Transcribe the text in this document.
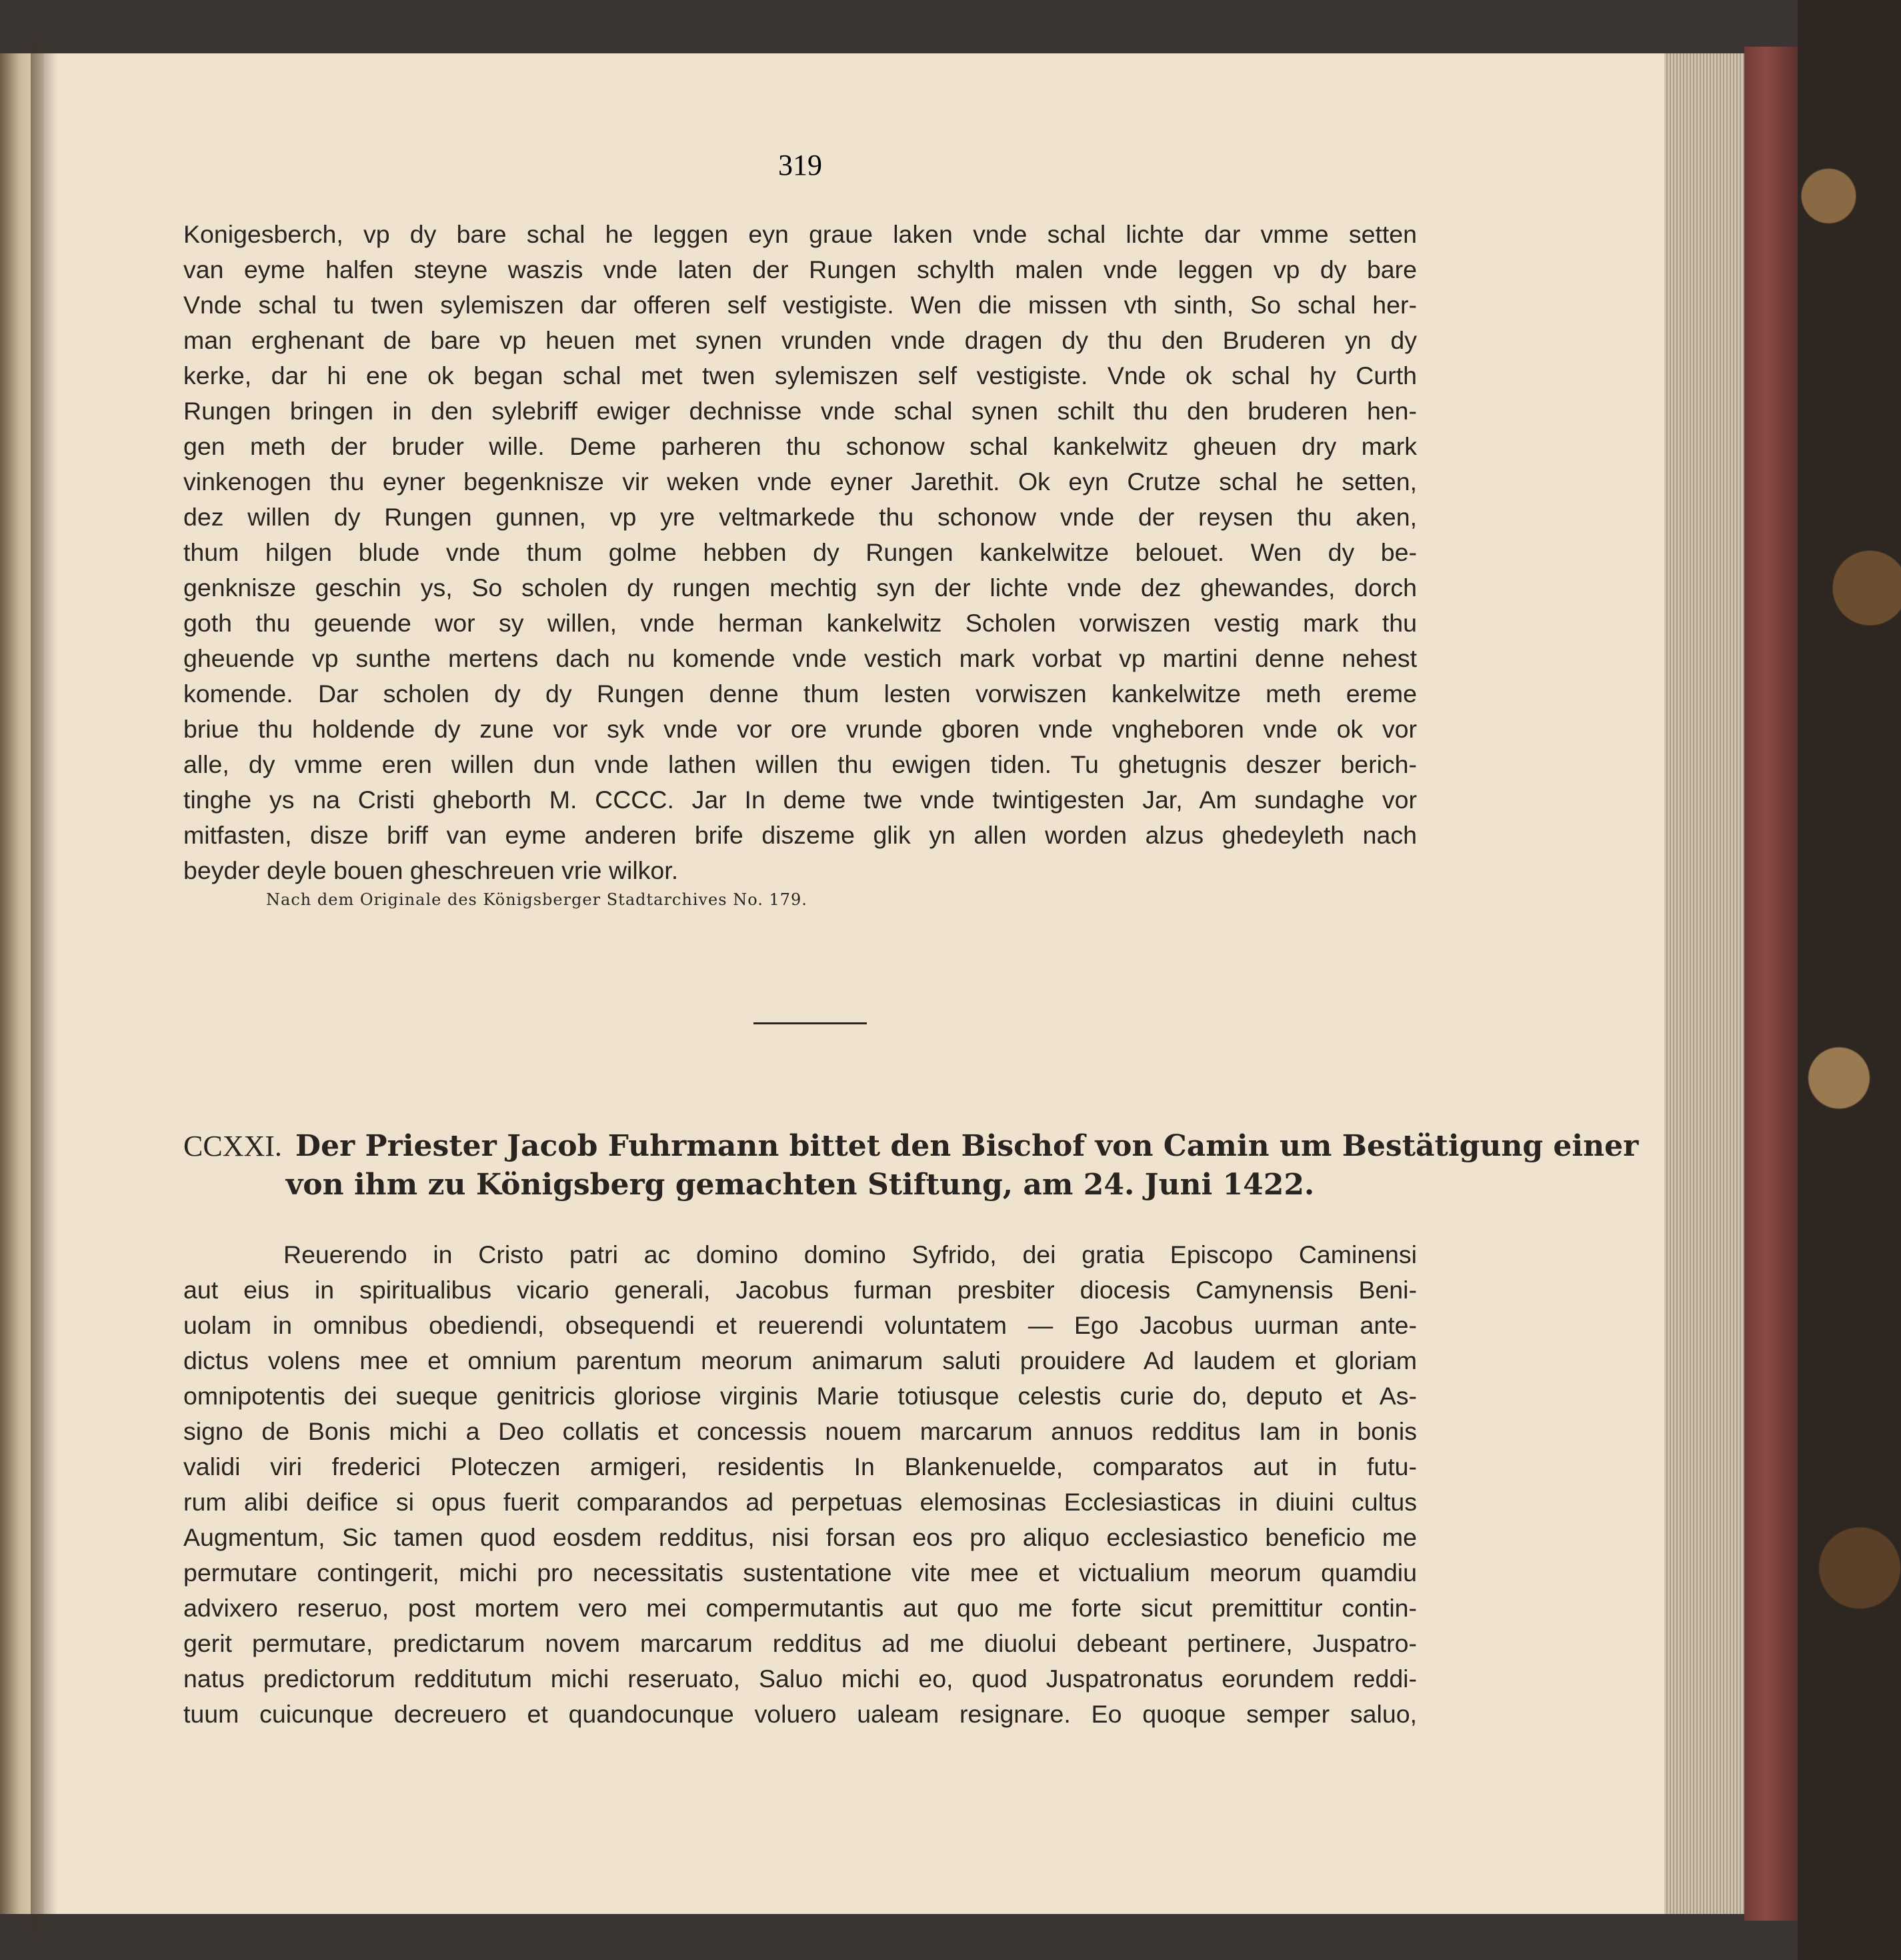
319
Konigesberch, vp dy bare schal he leggen eyn graue laken vnde schal lichte dar vmme setten
van eyme halfen steyne waszis vnde laten der Rungen schylth malen vnde leggen vp dy bare
Vnde schal tu twen sylemiszen dar offeren self vestigiste. Wen die missen vth sinth, So schal her-
man erghenant de bare vp heuen met synen vrunden vnde dragen dy thu den Bruderen yn dy
kerke, dar hi ene ok began schal met twen sylemiszen self vestigiste. Vnde ok schal hy Curth
Rungen bringen in den sylebriff ewiger dechnisse vnde schal synen schilt thu den bruderen hen-
gen meth der bruder wille. Deme parheren thu schonow schal kankelwitz gheuen dry mark
vinkenogen thu eyner begenkniszе vir weken vnde eyner Jarethit. Ok eyn Crutze schal he setten,
dez willen dy Rungen gunnen, vp yre veltmarkede thu schonow vnde der reysen thu aken,
thum hilgen blude vnde thum golme hebben dy Rungen kankelwitze belouet. Wen dy be-
genkniszе geschin ys, So scholen dy rungen mechtig syn der lichte vnde dez ghewandes, dorch
goth thu geuende wor sy willen, vnde herman kankelwitz Scholen vorwiszen vestig mark thu
gheuende vp sunthe mertens dach nu komende vnde vestich mark vorbat vp martini denne nehest
komende. Dar scholen dy dy Rungen denne thum lesten vorwiszen kankelwitze meth ereme
briue thu holdende dy zune vor syk vnde vor ore vrunde gboren vnde vngheboren vnde ok vor
alle, dy vmme eren willen dun vnde lathen willen thu ewigen tiden. Tu ghetugnis deszer berich-
tinghe ys na Cristi gheborth M. CCCC. Jar In deme twe vnde twintigesten Jar, Am sundaghe vor
mitfasten, disze briff van eyme anderen brife diszeme glik yn allen worden alzus ghedeyleth nach
beyder deyle bouen gheschreuen vrie wilkor.
Nach dem Originale des Königsberger Stadtarchives No. 179.
CCXXI. Der Priester Jacob Fuhrmann bittet den Bischof von Camin um Bestätigung einer
von ihm zu Königsberg gemachten Stiftung, am 24. Juni 1422.
Reuerendo in Cristo patri ac domino domino Syfrido, dei gratia Episcopo Caminensi
aut eius in spiritualibus vicario generali, Jacobus furman presbiter diocesis Camynensis Beni-
uolam in omnibus obediendi, obsequendi et reuerendi voluntatem — Ego Jacobus uurman ante-
dictus volens mee et omnium parentum meorum animarum saluti prouidere Ad laudem et gloriam
omnipotentis dei sueque genitricis gloriose virginis Marie totiusque celestis curie do, deputo et As-
signo de Bonis michi a Deo collatis et concessis nouem marcarum annuos redditus Iam in bonis
validi viri frederici Ploteczen armigeri, residentis In Blankenuelde, comparatos aut in futu-
rum alibi deifice si opus fuerit comparandos ad perpetuas elemosinas Ecclesiasticas in diuini cultus
Augmentum, Sic tamen quod eosdem redditus, nisi forsan eos pro aliquo ecclesiastico beneficio me
permutare contingerit, michi pro necessitatis sustentatione vite mee et victualium meorum quamdiu
advixero reseruo, post mortem vero mei compermutantis aut quo me forte sicut premittitur contin-
gerit permutare, predictarum novem marcarum redditus ad me diuolui debeant pertinere, Juspatro-
natus predictorum redditutum michi reseruato, Saluo michi eo, quod Juspatronatus eorundem reddi-
tuum cuicunque decreuero et quandocunque voluero ualeam resignare. Eo quoque semper saluo,
